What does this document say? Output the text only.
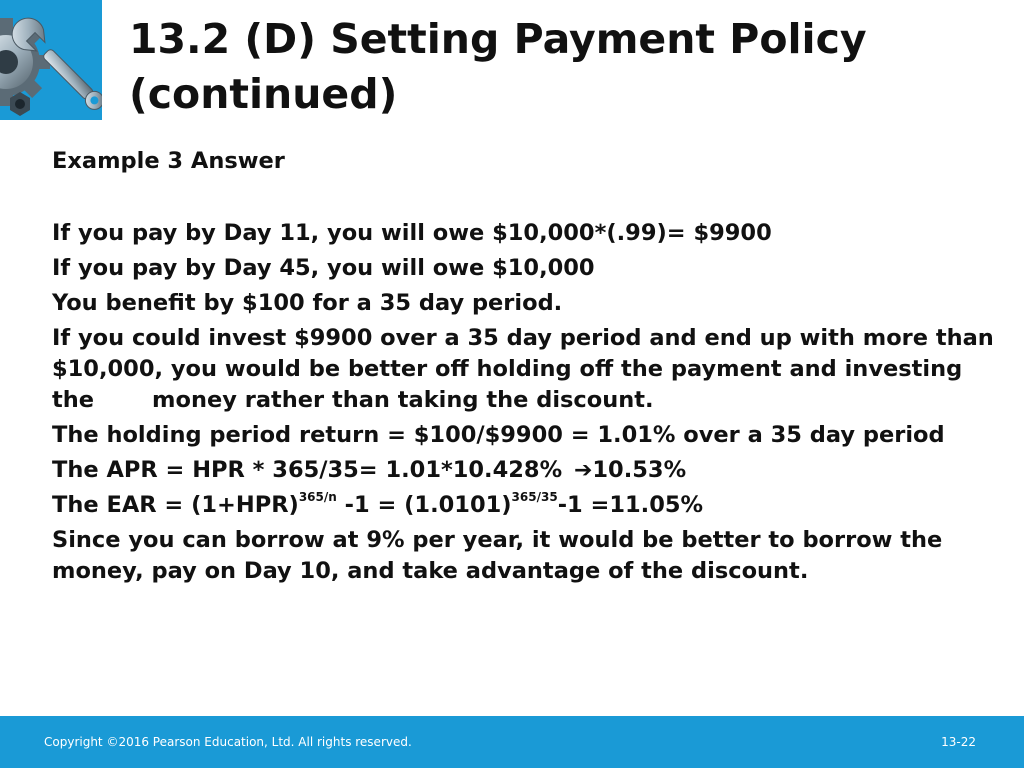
13.2 (D) Setting Payment Policy (continued)

Example 3 Answer

If you pay by Day 11, you will owe $10,000*(.99)= $9900

If you pay by Day 45, you will owe $10,000

You benefit by $100 for a 35 day period.

If you could invest $9900 over a 35 day period and end up with more than $10,000, you would be better off holding off the payment and investing the	money rather than taking the discount.

The holding period return = $100/$9900 = 1.01% over a 35 day period

The APR = HPR * 365/35= 1.01*10.428% ➔10.53%

The EAR = $(1+HPR)^{365/n}$ $-1 = (1.0101)^{365/35}-1 =11.05\%$

Since you can borrow at 9% per year, it would be better to borrow the money, pay on Day 10, and take advantage of the discount.

Copyright ©2016 Pearson Education, Ltd. All rights reserved.	13-22
